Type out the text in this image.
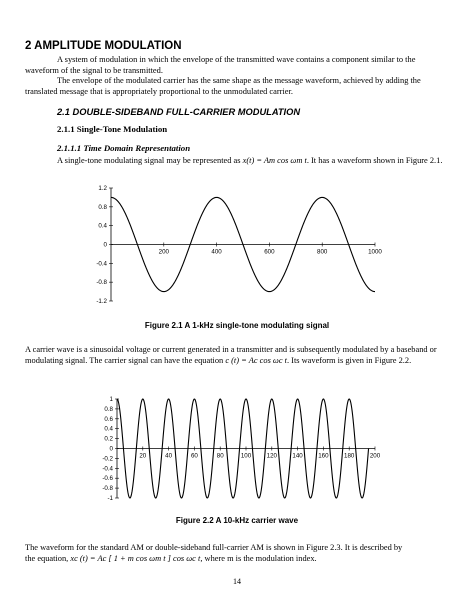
2 AMPLITUDE MODULATION
A system of modulation in which the envelope of the transmitted wave contains a component similar to the waveform of the signal to be transmitted.
The envelope of the modulated carrier has the same shape as the message waveform, achieved by adding the translated message that is appropriately proportional to the unmodulated carrier.
2.1 DOUBLE-SIDEBAND FULL-CARRIER MODULATION
2.1.1 Single-Tone Modulation
2.1.1.1 Time Domain Representation
A single-tone modulating signal may be represented as x(t) = Am cos ωm t. It has a waveform shown in Figure 2.1.
1.2
0.8
0.4
0
-0.4
-0.8
-1.2
200	400	600	800	1000
Figure 2.1 A 1-kHz single-tone modulating signal
A carrier wave is a sinusoidal voltage or current generated in a transmitter and is subsequently modulated by a baseband or modulating signal. The carrier signal can have the equation c (t) = Ac cos ωc t. Its waveform is given in Figure 2.2.
1
0.8
0.6
0.4
0.2
0
-0.2
-0.4
-0.6
-0.8
-1
20	40	60	80	100 120 140 160 180 200
Figure 2.2 A 10-kHz carrier wave
The waveform for the standard AM or double-sideband full-carrier AM is shown in Figure 2.3. It is described by
the equation, xc (t) = Ac [ 1 + m cos ωm t ] cos ωc t, where m is the modulation index.
14
